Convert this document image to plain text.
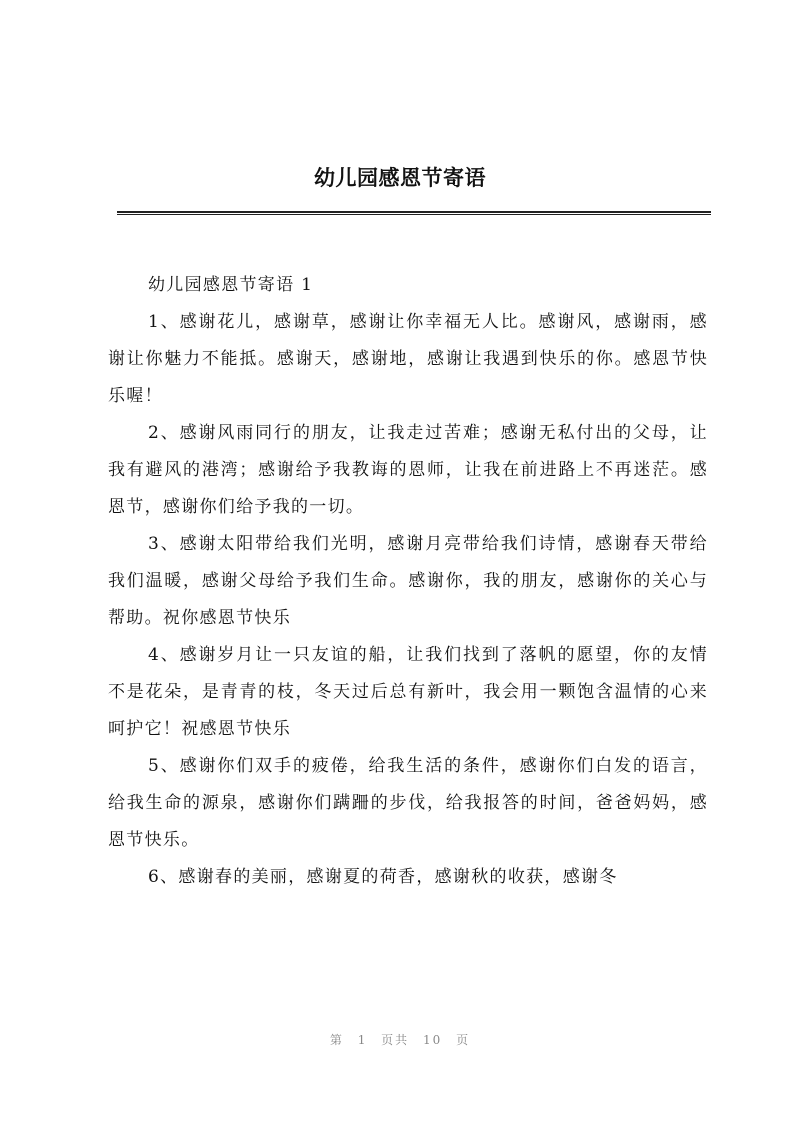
幼儿园感恩节寄语

幼儿园感恩节寄语 1

1、感谢花儿，感谢草，感谢让你幸福无人比。感谢风，感谢雨，感谢让你魅力不能抵。感谢天，感谢地，感谢让我遇到快乐的你。感恩节快乐喔！

2、感谢风雨同行的朋友，让我走过苦难；感谢无私付出的父母，让我有避风的港湾；感谢给予我教诲的恩师，让我在前进路上不再迷茫。感恩节，感谢你们给予我的一切。

3、感谢太阳带给我们光明，感谢月亮带给我们诗情，感谢春天带给我们温暖，感谢父母给予我们生命。感谢你，我的朋友，感谢你的关心与帮助。祝你感恩节快乐

4、感谢岁月让一只友谊的船，让我们找到了落帆的愿望，你的友情不是花朵，是青青的枝，冬天过后总有新叶，我会用一颗饱含温情的心来呵护它！祝感恩节快乐

5、感谢你们双手的疲倦，给我生活的条件，感谢你们白发的语言，给我生命的源泉，感谢你们蹒跚的步伐，给我报答的时间，爸爸妈妈，感恩节快乐。

6、感谢春的美丽，感谢夏的荷香，感谢秋的收获，感谢冬

第 1 页共 10 页
